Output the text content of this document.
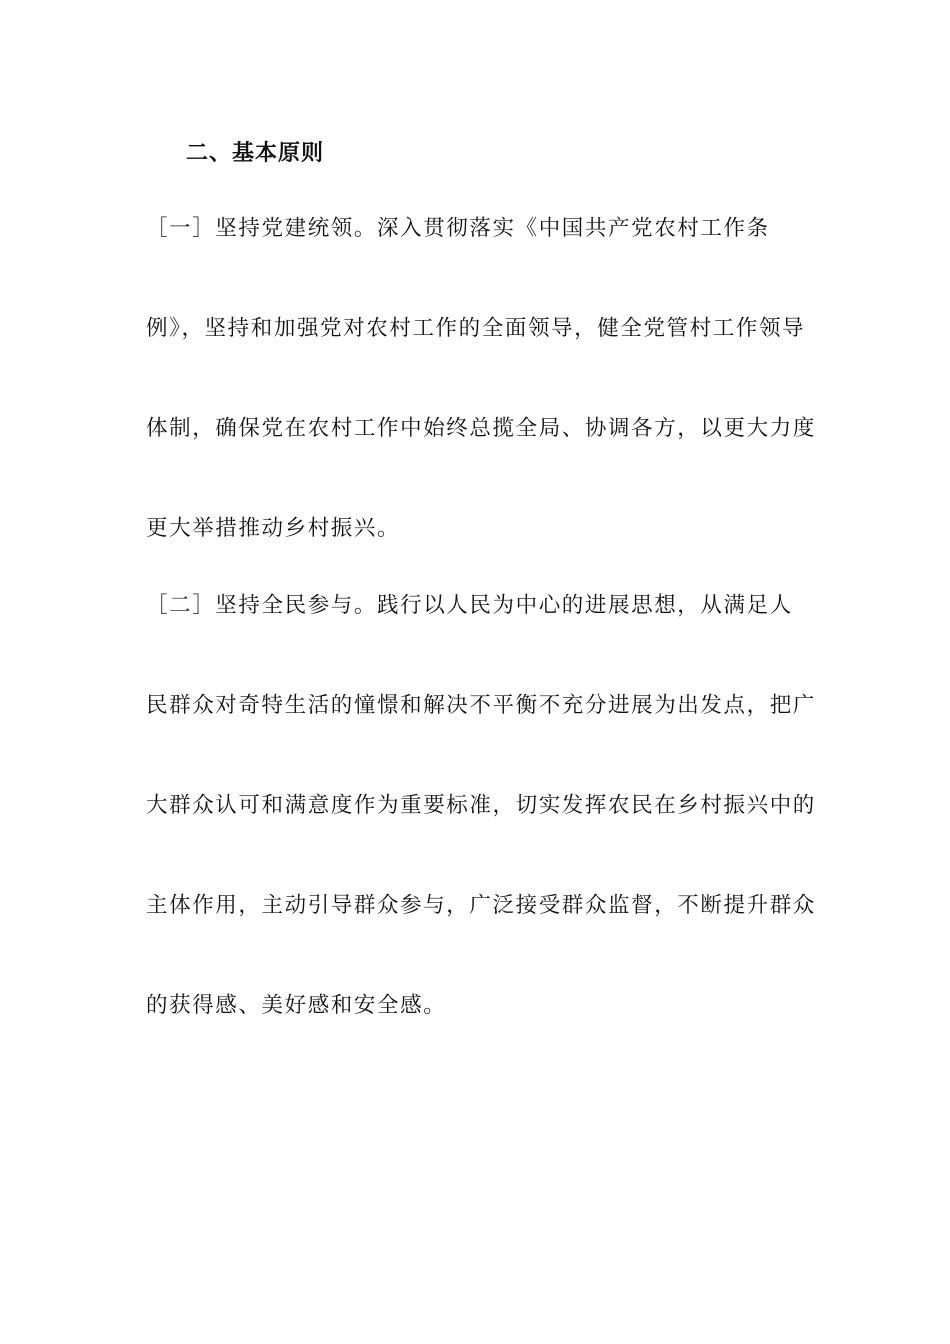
二、基本原则
［一］坚持党建统领。深入贯彻落实《中国共产党农村工作条
例》，坚持和加强党对农村工作的全面领导，健全党管村工作领导
体制，确保党在农村工作中始终总揽全局、协调各方，以更大力度
更大举措推动乡村振兴。
［二］坚持全民参与。践行以人民为中心的进展思想，从满足人
民群众对奇特生活的憧憬和解决不平衡不充分进展为出发点，把广
大群众认可和满意度作为重要标准，切实发挥农民在乡村振兴中的
主体作用，主动引导群众参与，广泛接受群众监督，不断提升群众
的获得感、美好感和安全感。
